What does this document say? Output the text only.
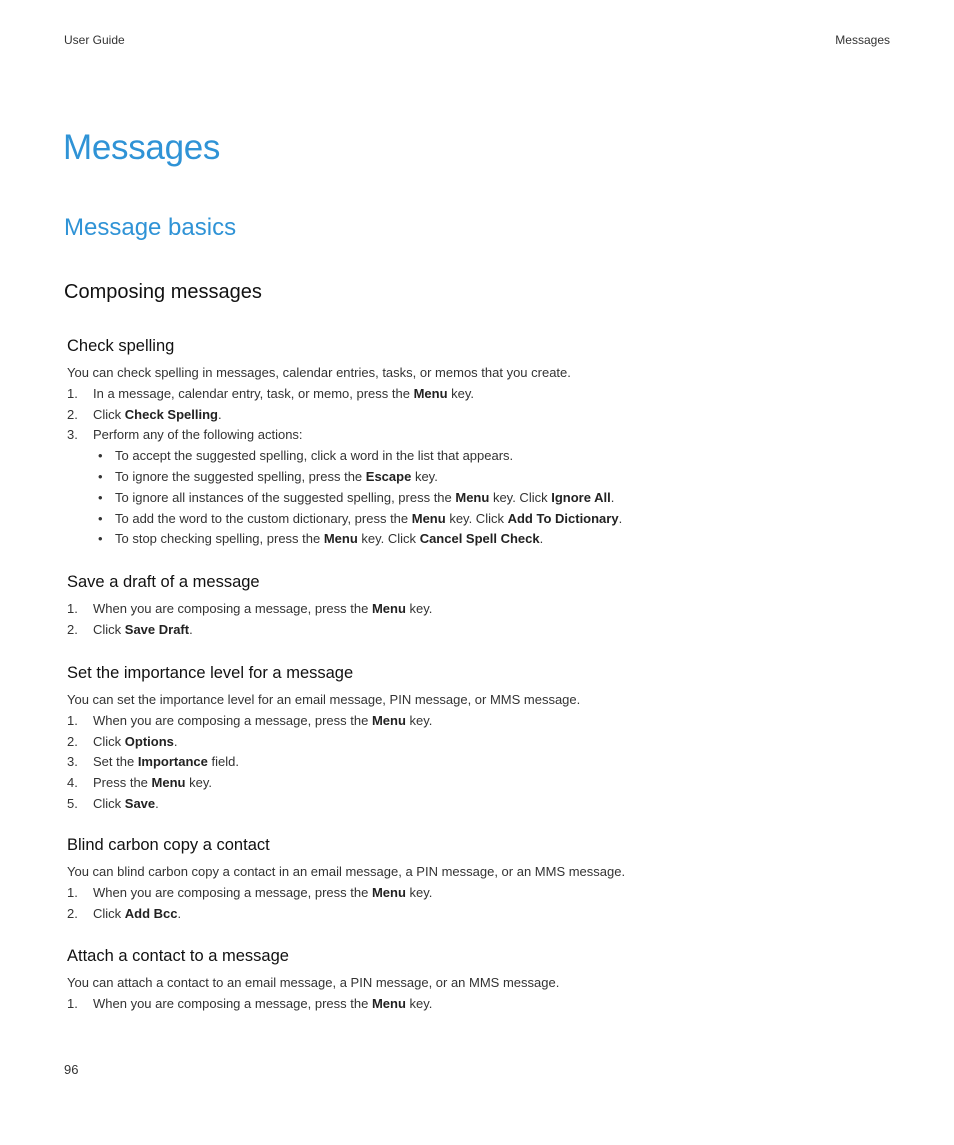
User Guide	Messages
Messages
Message basics
Composing messages
Check spelling

You can check spelling in messages, calendar entries, tasks, or memos that you create.

1. In a message, calendar entry, task, or memo, press the Menu key.
2. Click Check Spelling.
3. Perform any of the following actions:
• To accept the suggested spelling, click a word in the list that appears.
• To ignore the suggested spelling, press the Escape key.
• To ignore all instances of the suggested spelling, press the Menu key. Click Ignore All.
• To add the word to the custom dictionary, press the Menu key. Click Add To Dictionary.
• To stop checking spelling, press the Menu key. Click Cancel Spell Check.
Save a draft of a message
1. When you are composing a message, press the Menu key.
2. Click Save Draft.
Set the importance level for a message

You can set the importance level for an email message, PIN message, or MMS message.

1. When you are composing a message, press the Menu key.
2. Click Options.
3. Set the Importance field.
4. Press the Menu key.
5. Click Save.
Blind carbon copy a contact

You can blind carbon copy a contact in an email message, a PIN message, or an MMS message.

1. When you are composing a message, press the Menu key.
2. Click Add Bcc.
Attach a contact to a message

You can attach a contact to an email message, a PIN message, or an MMS message.

1. When you are composing a message, press the Menu key.
96
